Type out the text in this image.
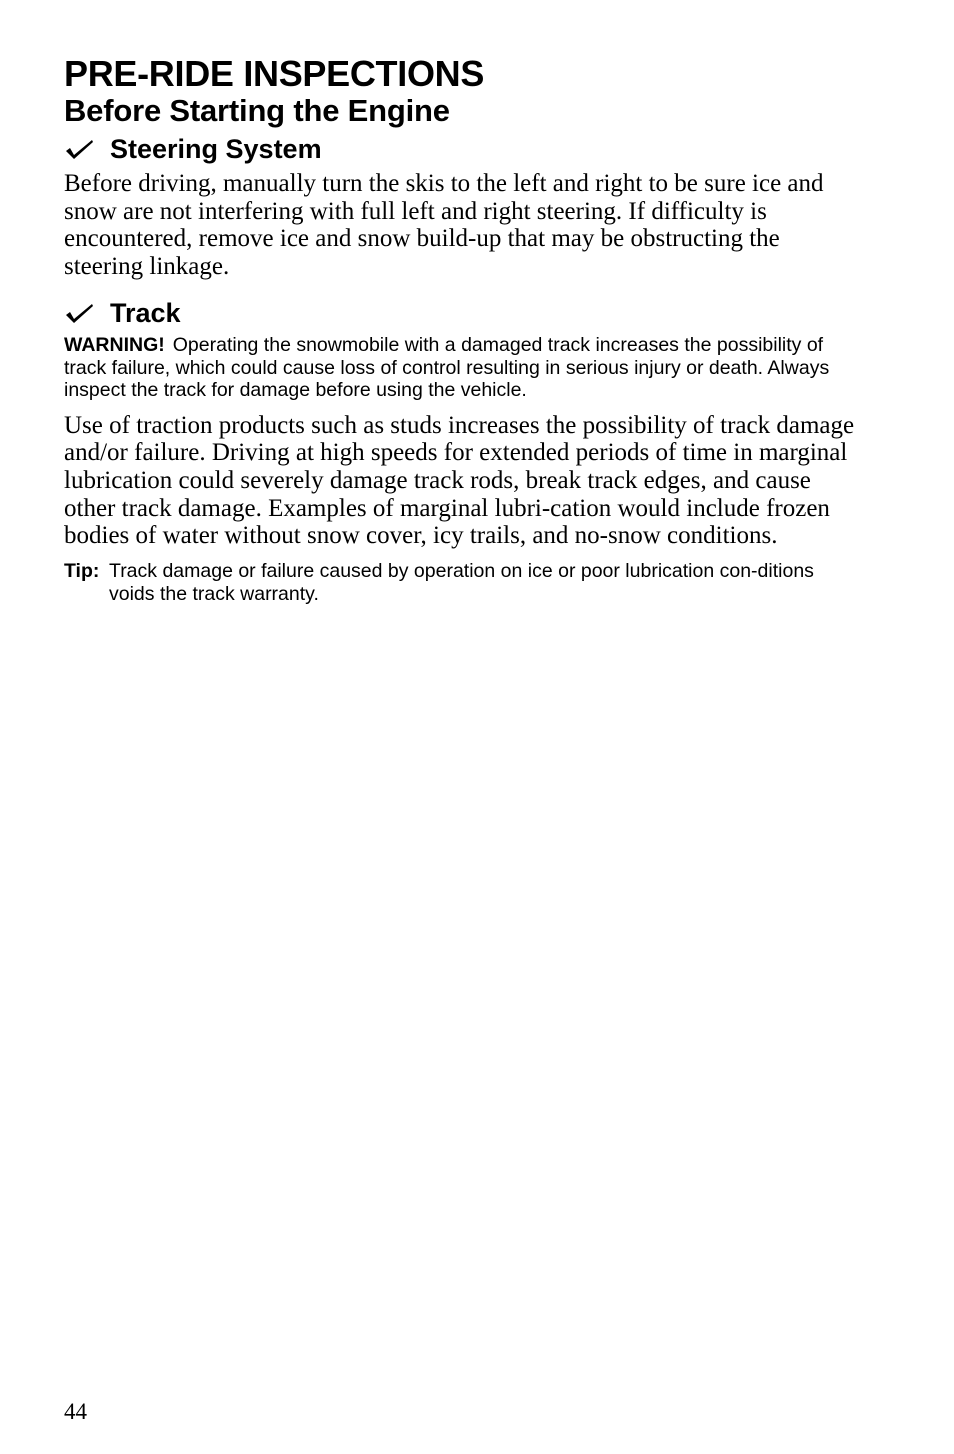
PRE-RIDE INSPECTIONS
Before Starting the Engine
Steering System

Before driving, manually turn the skis to the left and right to be sure ice and snow are not interfering with full left and right steering. If difficulty is encountered, remove ice and snow build-up that may be obstructing the steering linkage.

Track

WARNING! Operating the snowmobile with a damaged track increases the possibility of track failure, which could cause loss of control resulting in serious injury or death. Always inspect the track for damage before using the vehicle.

Use of traction products such as studs increases the possibility of track damage and/or failure. Driving at high speeds for extended periods of time in marginal lubrication could severely damage track rods, break track edges, and cause other track damage. Examples of marginal lubri-cation would include frozen bodies of water without snow cover, icy trails, and no-snow conditions.

Tip: Track damage or failure caused by operation on ice or poor lubrication con-ditions voids the track warranty.

44
